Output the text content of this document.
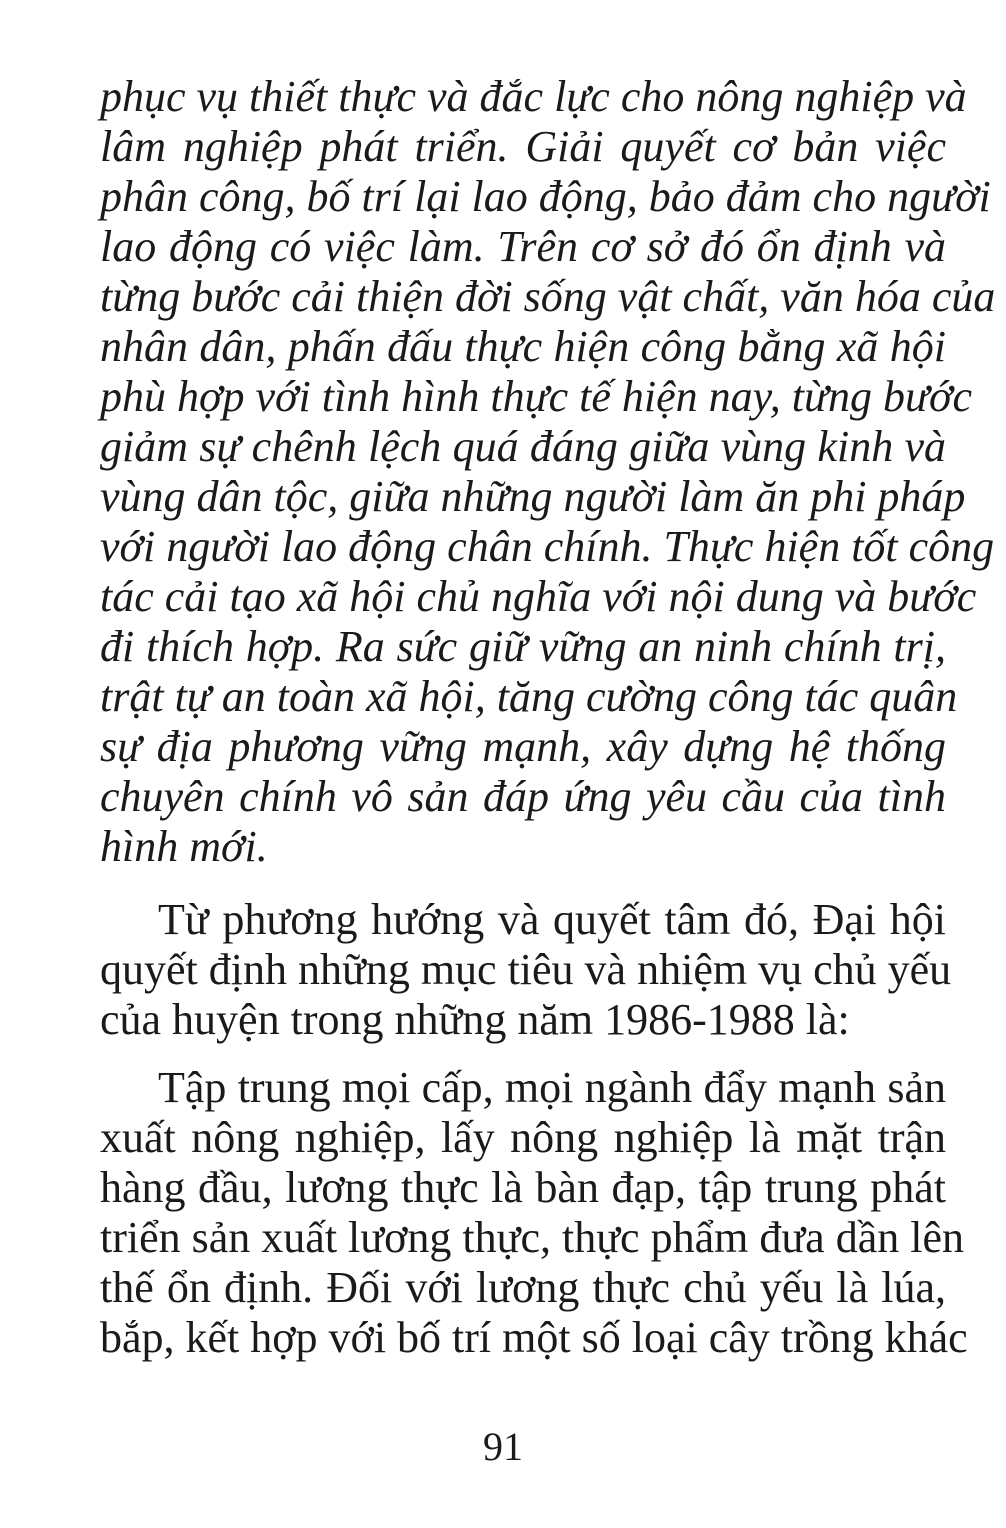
phục vụ thiết thực và đắc lực cho nông nghiệp và
lâm nghiệp phát triển. Giải quyết cơ bản việc
phân công, bố trí lại lao động, bảo đảm cho người
lao động có việc làm. Trên cơ sở đó ổn định và
từng bước cải thiện đời sống vật chất, văn hóa của
nhân dân, phấn đấu thực hiện công bằng xã hội
phù hợp với tình hình thực tế hiện nay, từng bước
giảm sự chênh lệch quá đáng giữa vùng kinh và
vùng dân tộc, giữa những người làm ăn phi pháp
với người lao động chân chính. Thực hiện tốt công
tác cải tạo xã hội chủ nghĩa với nội dung và bước
đi thích hợp. Ra sức giữ vững an ninh chính trị,
trật tự an toàn xã hội, tăng cường công tác quân
sự địa phương vững mạnh, xây dựng hệ thống
chuyên chính vô sản đáp ứng yêu cầu của tình
hình mới.
Từ phương hướng và quyết tâm đó, Đại hội
quyết định những mục tiêu và nhiệm vụ chủ yếu
của huyện trong những năm 1986-1988 là:
Tập trung mọi cấp, mọi ngành đẩy mạnh sản
xuất nông nghiệp, lấy nông nghiệp là mặt trận
hàng đầu, lương thực là bàn đạp, tập trung phát
triển sản xuất lương thực, thực phẩm đưa dần lên
thế ổn định. Đối với lương thực chủ yếu là lúa,
bắp, kết hợp với bố trí một số loại cây trồng khác
91
